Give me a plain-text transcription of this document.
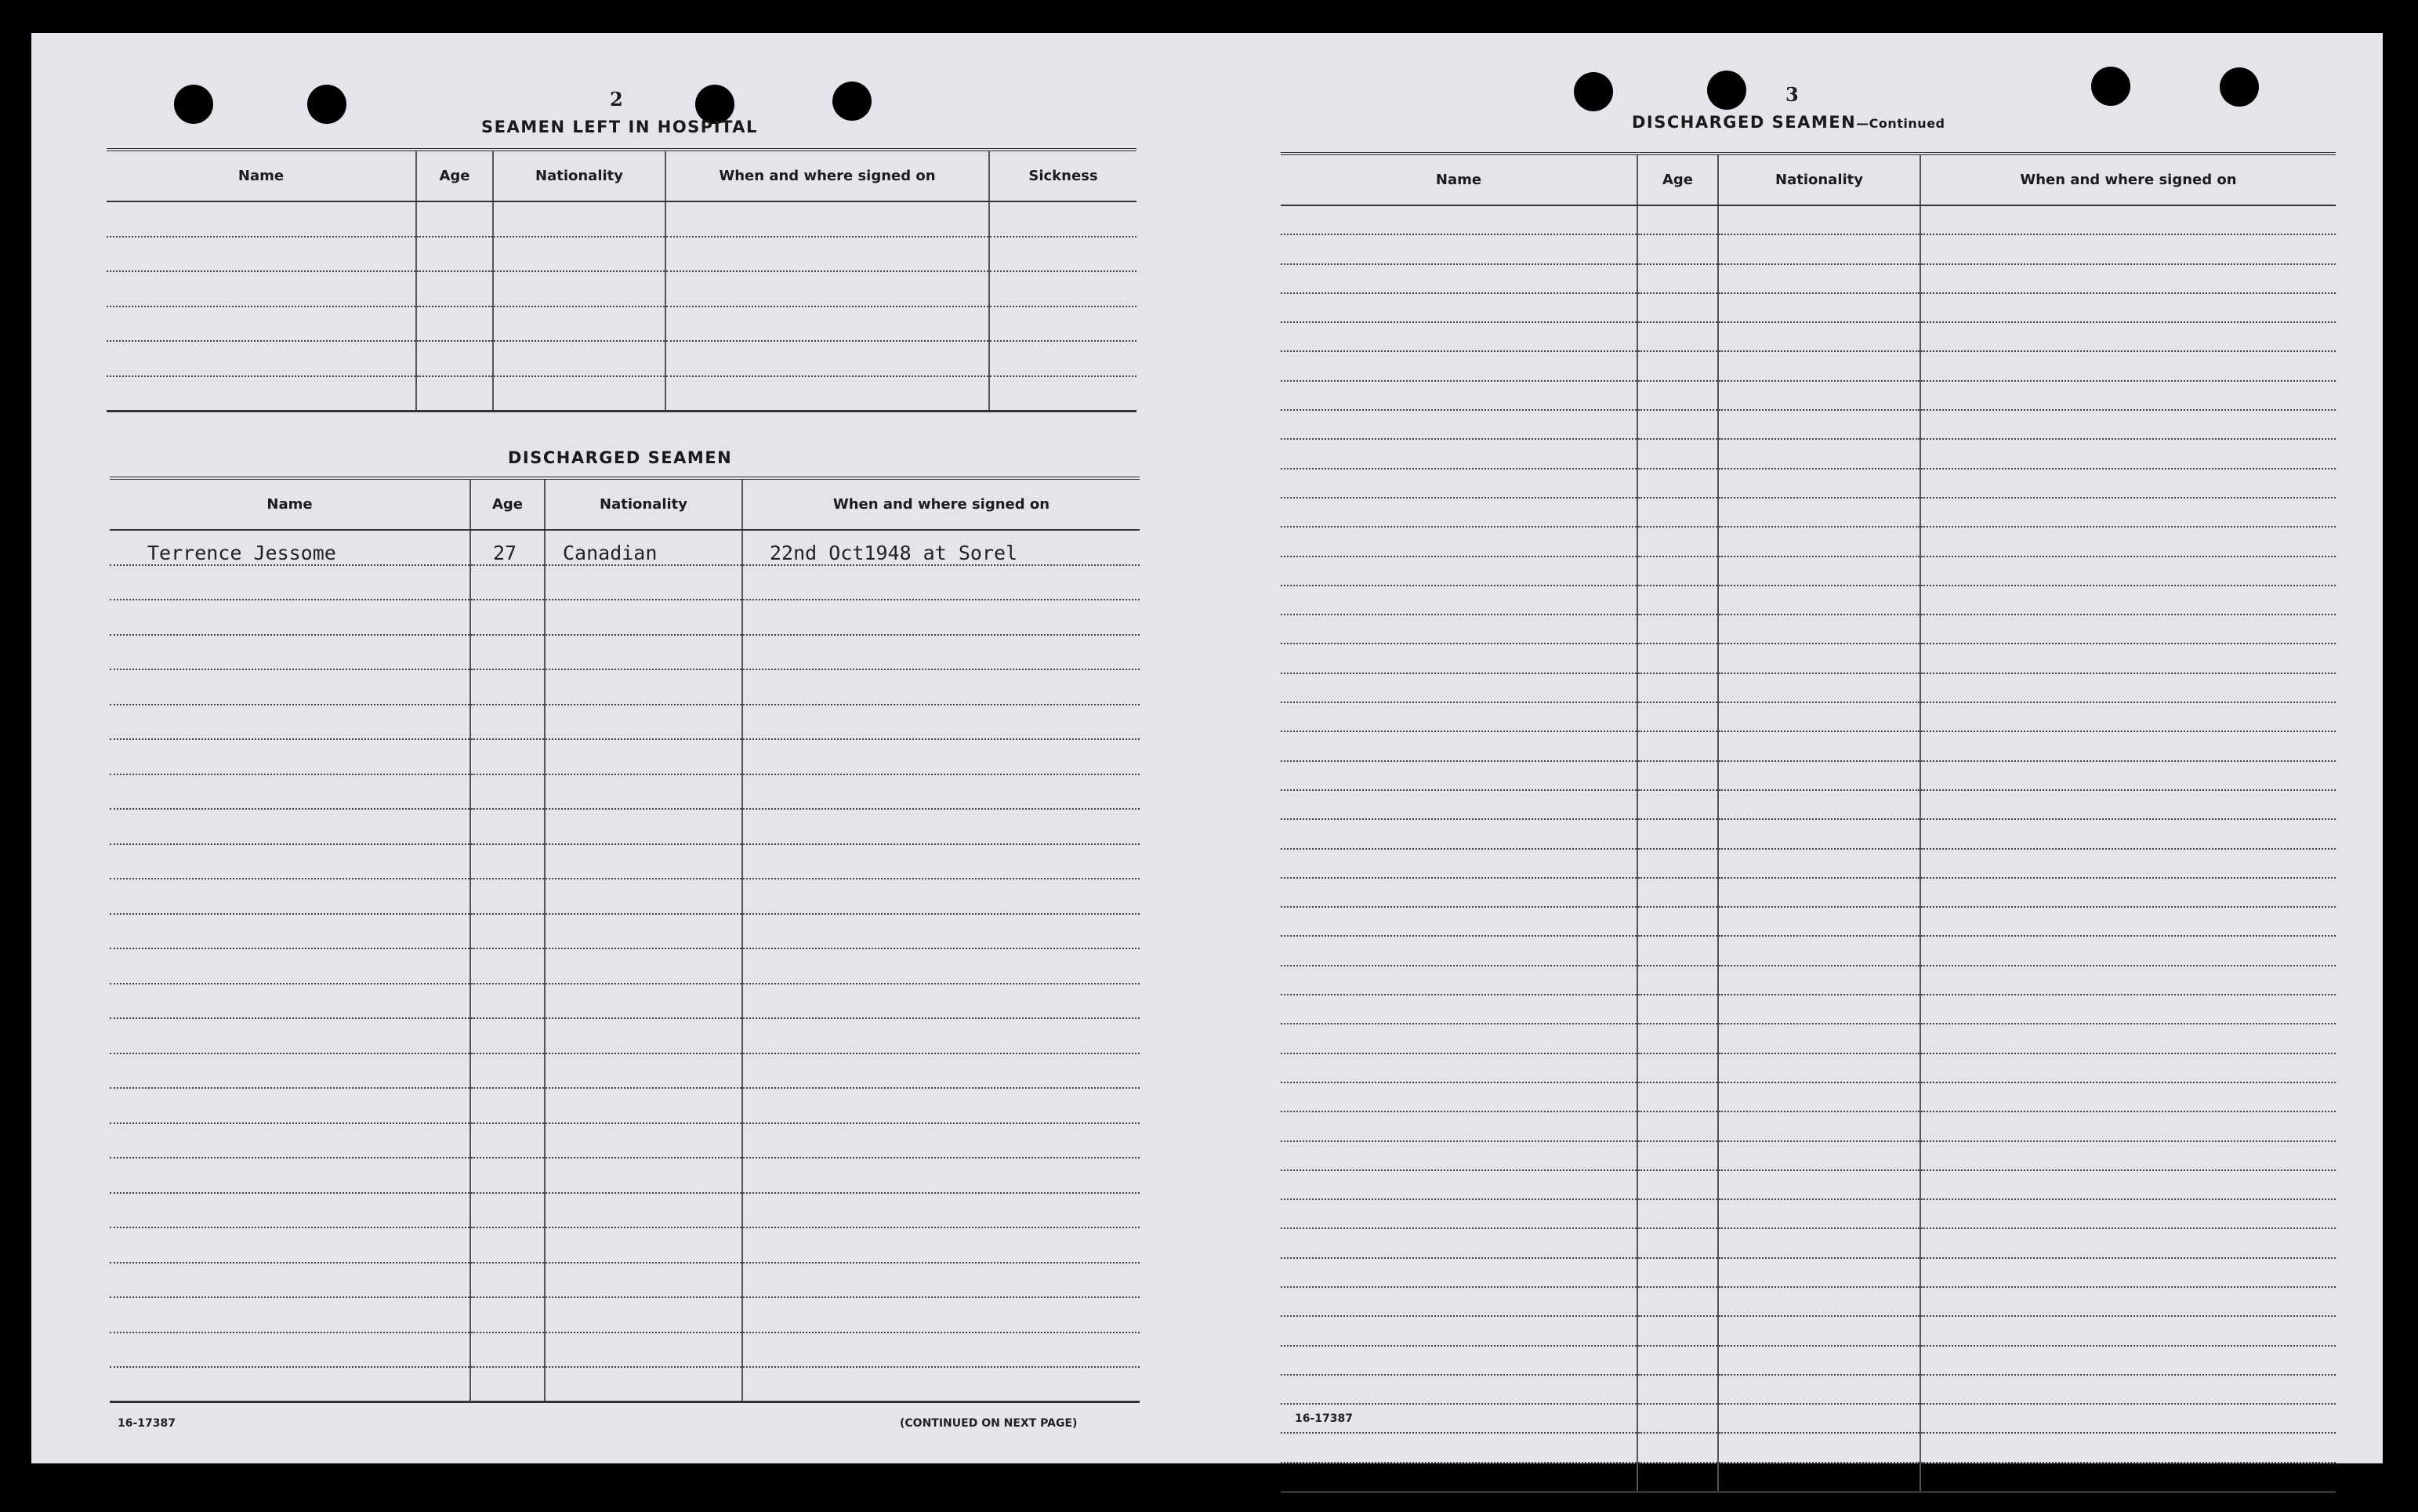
2
SEAMEN LEFT IN HOSPITAL
Name	Age	Nationality	When and where signed on	Sickness

DISCHARGED SEAMEN
Name	Age	Nationality	When and where signed on
Terrence Jessome	27	Canadian	22nd Oct1948 at Sorel

16-17387	(CONTINUED ON NEXT PAGE)
3
DISCHARGED SEAMEN—Continued
Name	Age	Nationality	When and where signed on

16-17387
